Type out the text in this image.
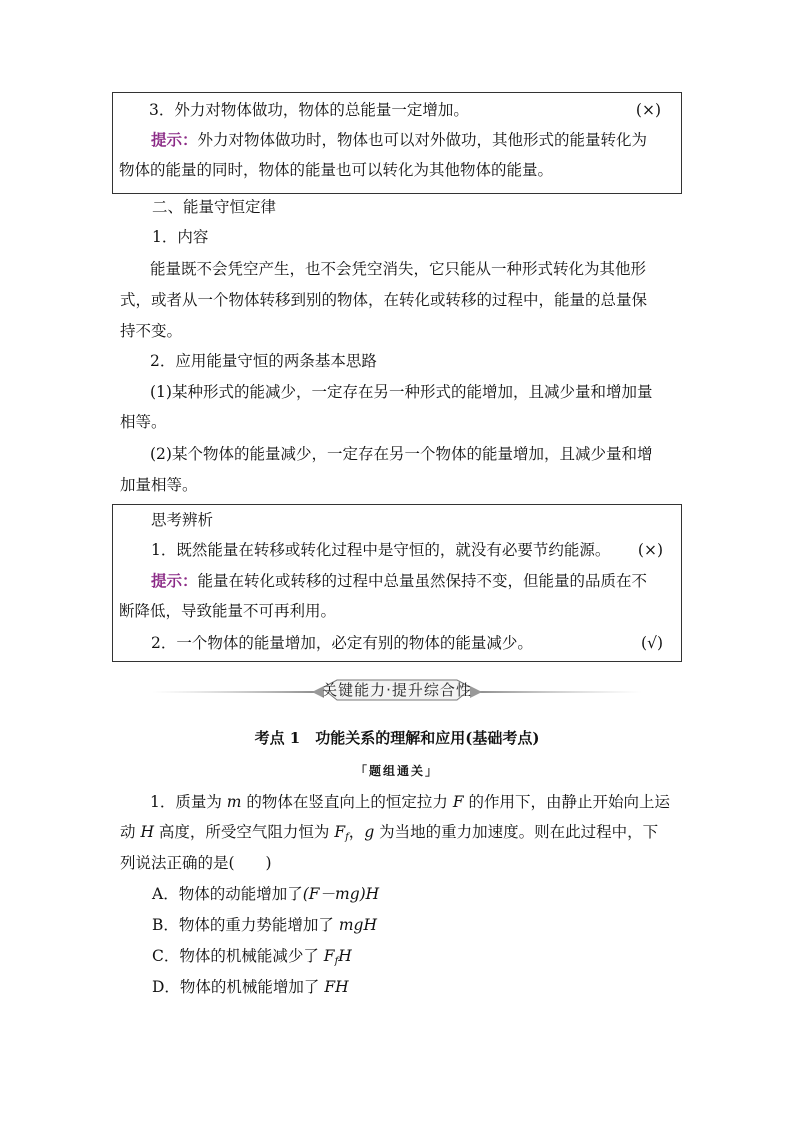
3．外力对物体做功，物体的总能量一定增加。	(×)
提示：外力对物体做功时，物体也可以对外做功，其他形式的能量转化为
物体的能量的同时，物体的能量也可以转化为其他物体的能量。
二、能量守恒定律
1．内容
能量既不会凭空产生，也不会凭空消失，它只能从一种形式转化为其他形
式，或者从一个物体转移到别的物体，在转化或转移的过程中，能量的总量保
持不变。
2．应用能量守恒的两条基本思路
(1)某种形式的能减少，一定存在另一种形式的能增加，且减少量和增加量
相等。
(2)某个物体的能量减少，一定存在另一个物体的能量增加，且减少量和增
加量相等。
思考辨析
1．既然能量在转移或转化过程中是守恒的，就没有必要节约能源。 (×)
提示：能量在转化或转移的过程中总量虽然保持不变，但能量的品质在不
断降低，导致能量不可再利用。
2．一个物体的能量增加，必定有别的物体的能量减少。	(√)
关键能力·提升综合性
考点 1　功能关系的理解和应用(基础考点)
「题组通关」
1．质量为 m 的物体在竖直向上的恒定拉力 F 的作用下，由静止开始向上运
动 H 高度，所受空气阻力恒为 $F_f$，g 为当地的重力加速度。则在此过程中，下
列说法正确的是(　　)
A．物体的动能增加了(F－mg)H
B．物体的重力势能增加了 mgH
C．物体的机械能减少了 $F_fH$
D．物体的机械能增加了 FH
